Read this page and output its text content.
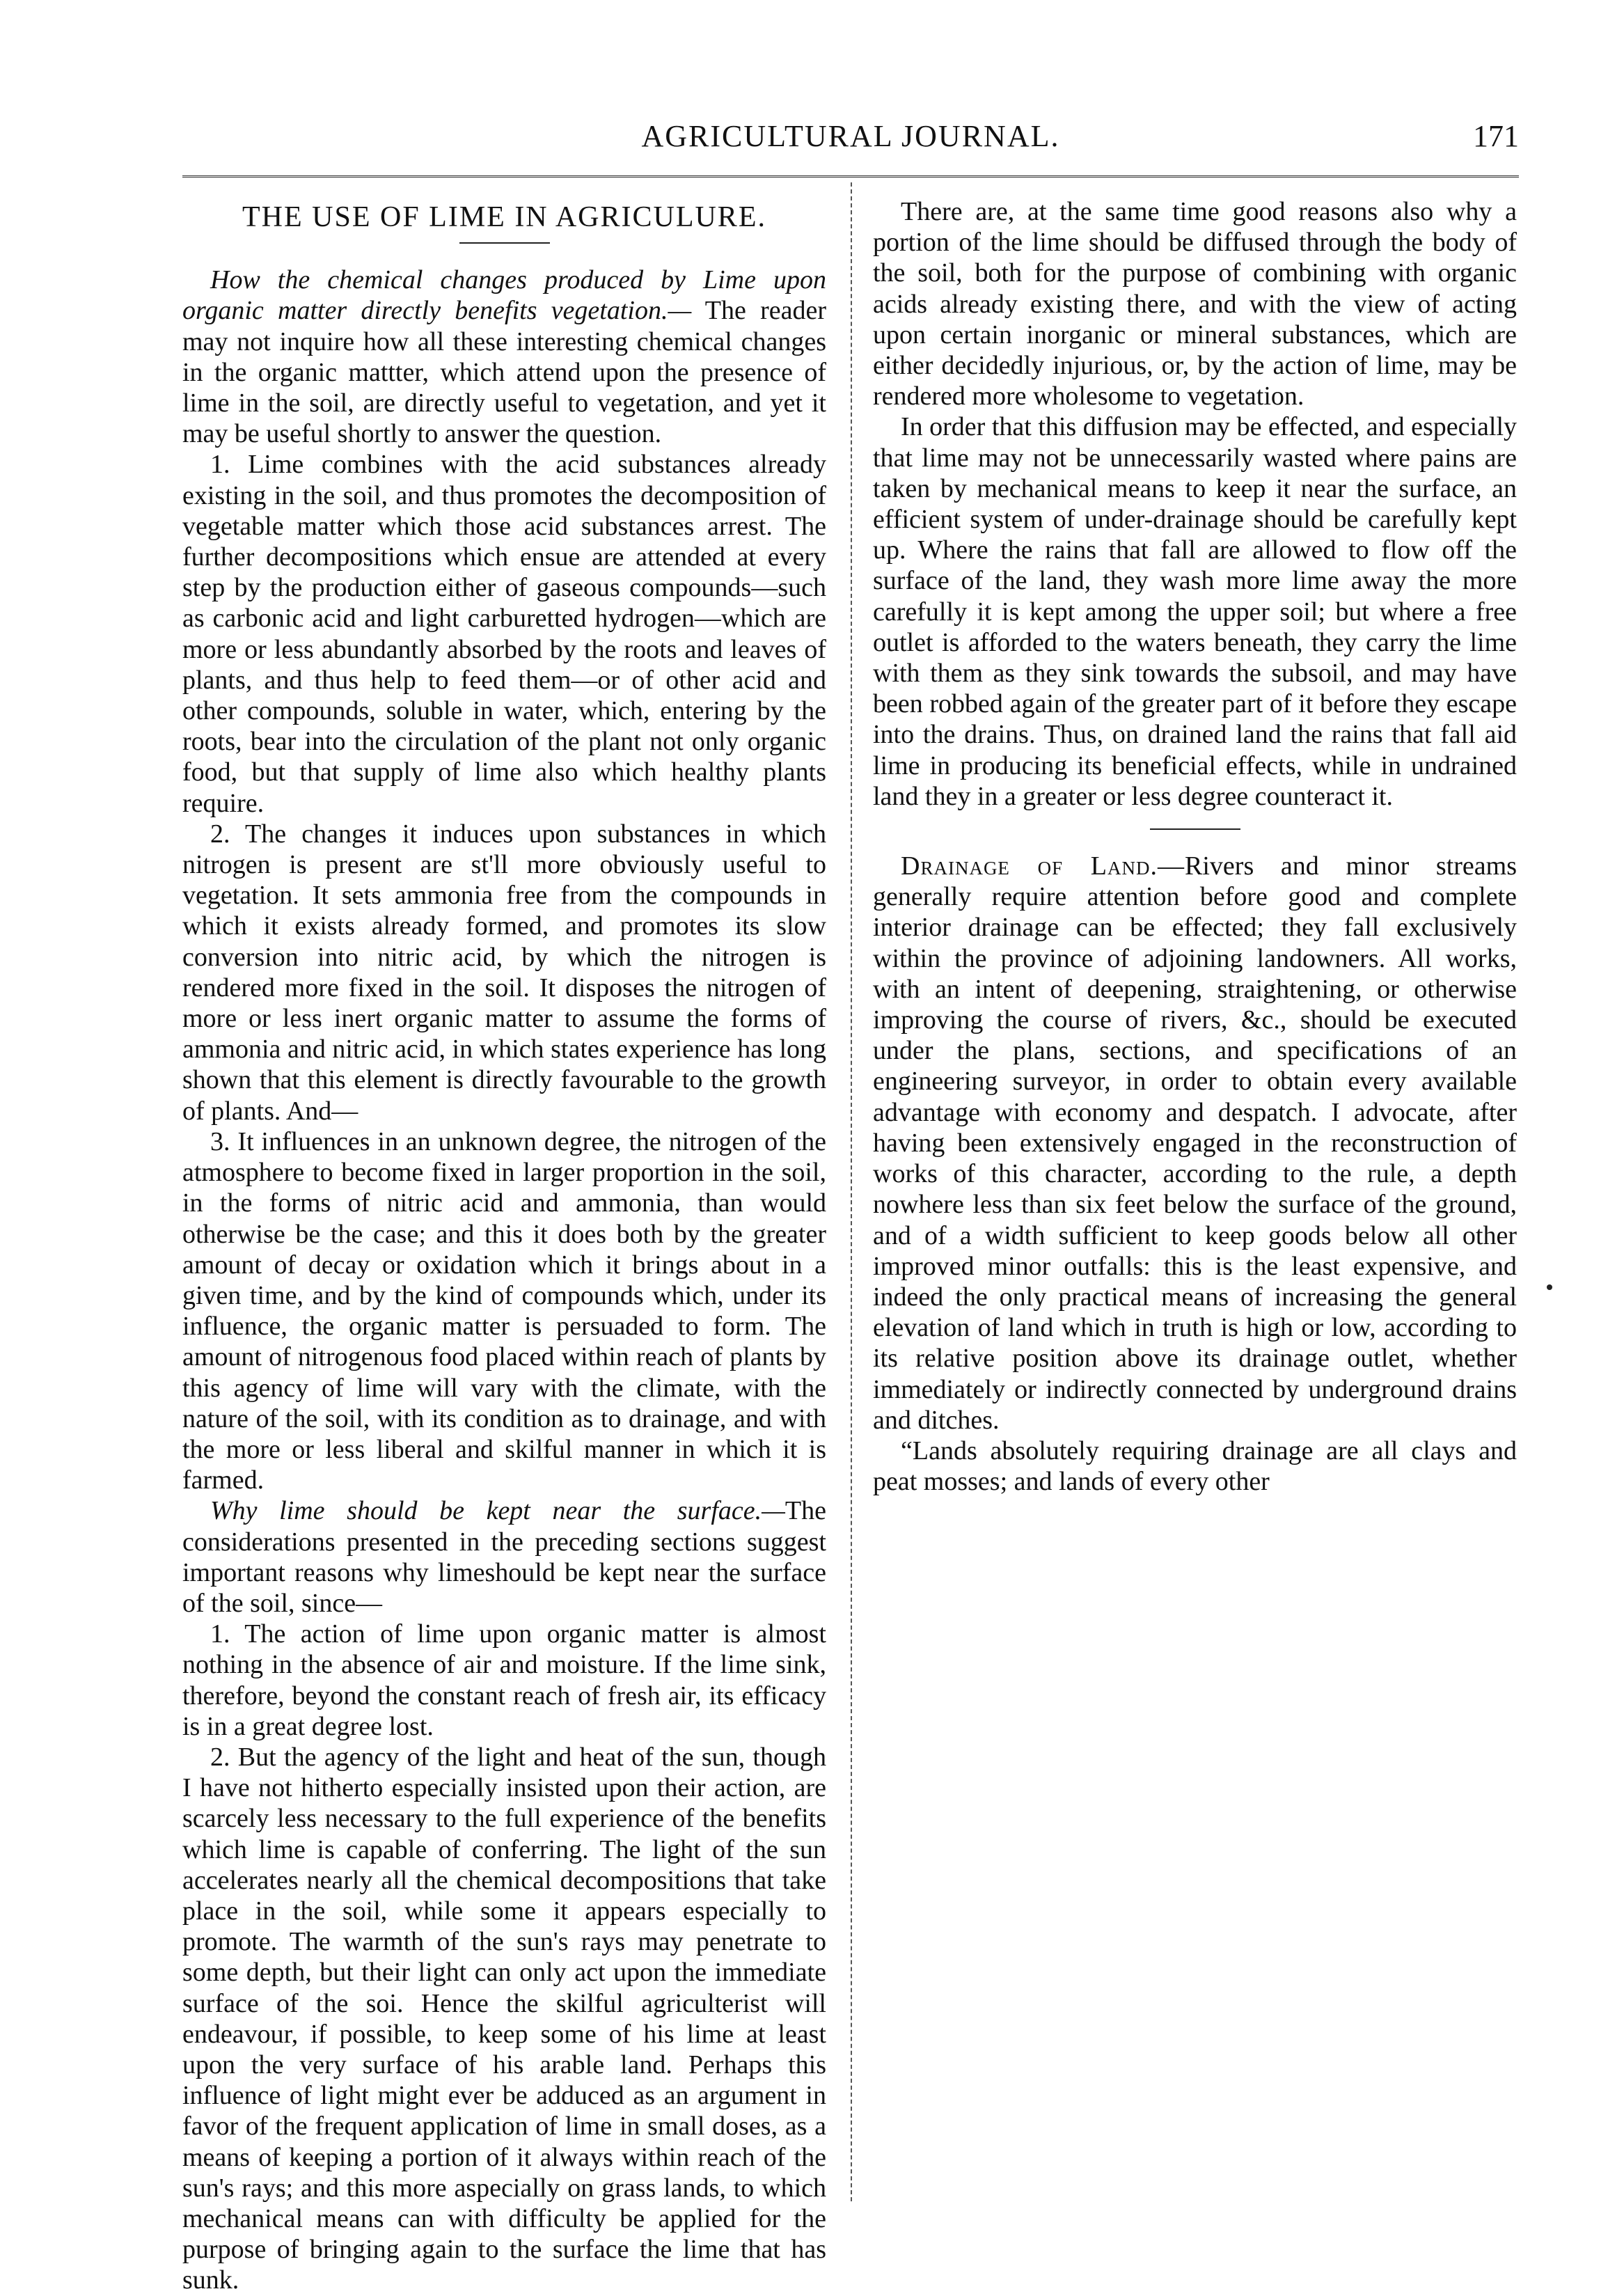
AGRICULTURAL JOURNAL.	171
THE USE OF LIME IN AGRICULURE.

How the chemical changes produced by Lime upon organic matter directly benefits vegetation.— The reader may not inquire how all these interesting chemical changes in the organic mattter, which attend upon the presence of lime in the soil, are directly useful to vegetation, and yet it may be useful shortly to answer the question.

1. Lime combines with the acid substances already existing in the soil, and thus promotes the decomposition of vegetable matter which those acid substances arrest. The further decompositions which ensue are attended at every step by the production either of gaseous compounds—such as carbonic acid and light carburetted hydrogen—which are more or less abundantly absorbed by the roots and leaves of plants, and thus help to feed them—or of other acid and other compounds, soluble in water, which, entering by the roots, bear into the circulation of the plant not only organic food, but that supply of lime also which healthy plants require.

2. The changes it induces upon substances in which nitrogen is present are st'll more obviously useful to vegetation. It sets ammonia free from the compounds in which it exists already formed, and promotes its slow conversion into nitric acid, by which the nitrogen is rendered more fixed in the soil. It disposes the nitrogen of more or less inert organic matter to assume the forms of ammonia and nitric acid, in which states experience has long shown that this element is directly favourable to the growth of plants. And—

3. It influences in an unknown degree, the nitrogen of the atmosphere to become fixed in larger proportion in the soil, in the forms of nitric acid and ammonia, than would otherwise be the case; and this it does both by the greater amount of decay or oxidation which it brings about in a given time, and by the kind of compounds which, under its influence, the organic matter is persuaded to form. The amount of nitrogenous food placed within reach of plants by this agency of lime will vary with the climate, with the nature of the soil, with its condition as to drainage, and with the more or less liberal and skilful manner in which it is farmed.

Why lime should be kept near the surface.—The considerations presented in the preceding sections suggest important reasons why limeshould be kept near the surface of the soil, since—

1. The action of lime upon organic matter is almost nothing in the absence of air and moisture. If the lime sink, therefore, beyond the constant reach of fresh air, its efficacy is in a great degree lost.

2. But the agency of the light and heat of the sun, though I have not hitherto especially insisted upon their action, are scarcely less necessary to the full experience of the benefits which lime is capable of conferring. The light of the sun accelerates nearly all the chemical decompositions that take place in the soil, while some it appears especially to promote. The warmth of the sun's rays may penetrate to some depth, but their light can only act upon the immediate surface of the soi. Hence the skilful agriculterist will endeavour, if possible, to keep some of his lime at least upon the very surface of his arable land. Perhaps this influence of light might ever be adduced as an argument in favor of the frequent application of lime in small doses, as a means of keeping a portion of it always within reach of the sun's rays; and this more aspecially on grass lands, to which mechanical means can with difficulty be applied for the purpose of bringing again to the surface the lime that has sunk.

There are, at the same time good reasons also why a portion of the lime should be diffused through the body of the soil, both for the purpose of combining with organic acids already existing there, and with the view of acting upon certain inorganic or mineral substances, which are either decidedly injurious, or, by the action of lime, may be rendered more wholesome to vegetation.

In order that this diffusion may be effected, and especially that lime may not be unnecessarily wasted where pains are taken by mechanical means to keep it near the surface, an efficient system of under-drainage should be carefully kept up. Where the rains that fall are allowed to flow off the surface of the land, they wash more lime away the more carefully it is kept among the upper soil; but where a free outlet is afforded to the waters beneath, they carry the lime with them as they sink towards the subsoil, and may have been robbed again of the greater part of it before they escape into the drains. Thus, on drained land the rains that fall aid lime in producing its beneficial effects, while in undrained land they in a greater or less degree counteract it.

Drainage of Land.—Rivers and minor streams generally require attention before good and complete interior drainage can be effected; they fall exclusively within the province of adjoining landowners. All works, with an intent of deepening, straightening, or otherwise improving the course of rivers, &c., should be executed under the plans, sections, and specifications of an engineering surveyor, in order to obtain every available advantage with economy and despatch. I advocate, after having been extensively engaged in the reconstruction of works of this character, according to the rule, a depth nowhere less than six feet below the surface of the ground, and of a width sufficient to keep goods below all other improved minor outfalls: this is the least expensive, and indeed the only practical means of increasing the general elevation of land which in truth is high or low, according to its relative position above its drainage outlet, whether immediately or indirectly connected by underground drains and ditches.

“Lands absolutely requiring drainage are all clays and peat mosses; and lands of every other
